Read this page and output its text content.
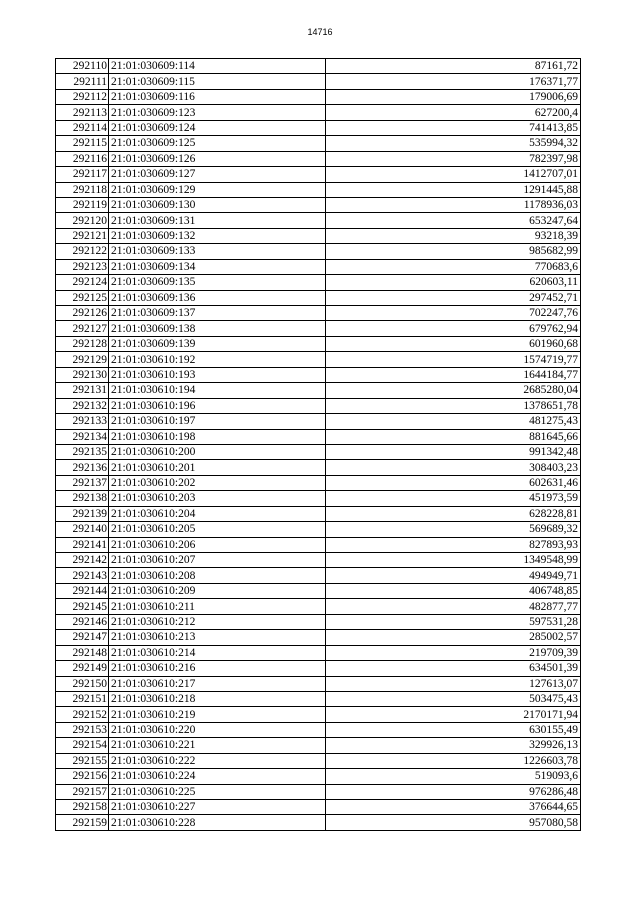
14716
292110	21:01:030609:114	87161,72
292111	21:01:030609:115	176371,77
292112	21:01:030609:116	179006,69
292113	21:01:030609:123	627200,4
292114	21:01:030609:124	741413,85
292115	21:01:030609:125	535994,32
292116	21:01:030609:126	782397,98
292117	21:01:030609:127	1412707,01
292118	21:01:030609:129	1291445,88
292119	21:01:030609:130	1178936,03
292120	21:01:030609:131	653247,64
292121	21:01:030609:132	93218,39
292122	21:01:030609:133	985682,99
292123	21:01:030609:134	770683,6
292124	21:01:030609:135	620603,11
292125	21:01:030609:136	297452,71
292126	21:01:030609:137	702247,76
292127	21:01:030609:138	679762,94
292128	21:01:030609:139	601960,68
292129	21:01:030610:192	1574719,77
292130	21:01:030610:193	1644184,77
292131	21:01:030610:194	2685280,04
292132	21:01:030610:196	1378651,78
292133	21:01:030610:197	481275,43
292134	21:01:030610:198	881645,66
292135	21:01:030610:200	991342,48
292136	21:01:030610:201	308403,23
292137	21:01:030610:202	602631,46
292138	21:01:030610:203	451973,59
292139	21:01:030610:204	628228,81
292140	21:01:030610:205	569689,32
292141	21:01:030610:206	827893,93
292142	21:01:030610:207	1349548,99
292143	21:01:030610:208	494949,71
292144	21:01:030610:209	406748,85
292145	21:01:030610:211	482877,77
292146	21:01:030610:212	597531,28
292147	21:01:030610:213	285002,57
292148	21:01:030610:214	219709,39
292149	21:01:030610:216	634501,39
292150	21:01:030610:217	127613,07
292151	21:01:030610:218	503475,43
292152	21:01:030610:219	2170171,94
292153	21:01:030610:220	630155,49
292154	21:01:030610:221	329926,13
292155	21:01:030610:222	1226603,78
292156	21:01:030610:224	519093,6
292157	21:01:030610:225	976286,48
292158	21:01:030610:227	376644,65
292159	21:01:030610:228	957080,58
